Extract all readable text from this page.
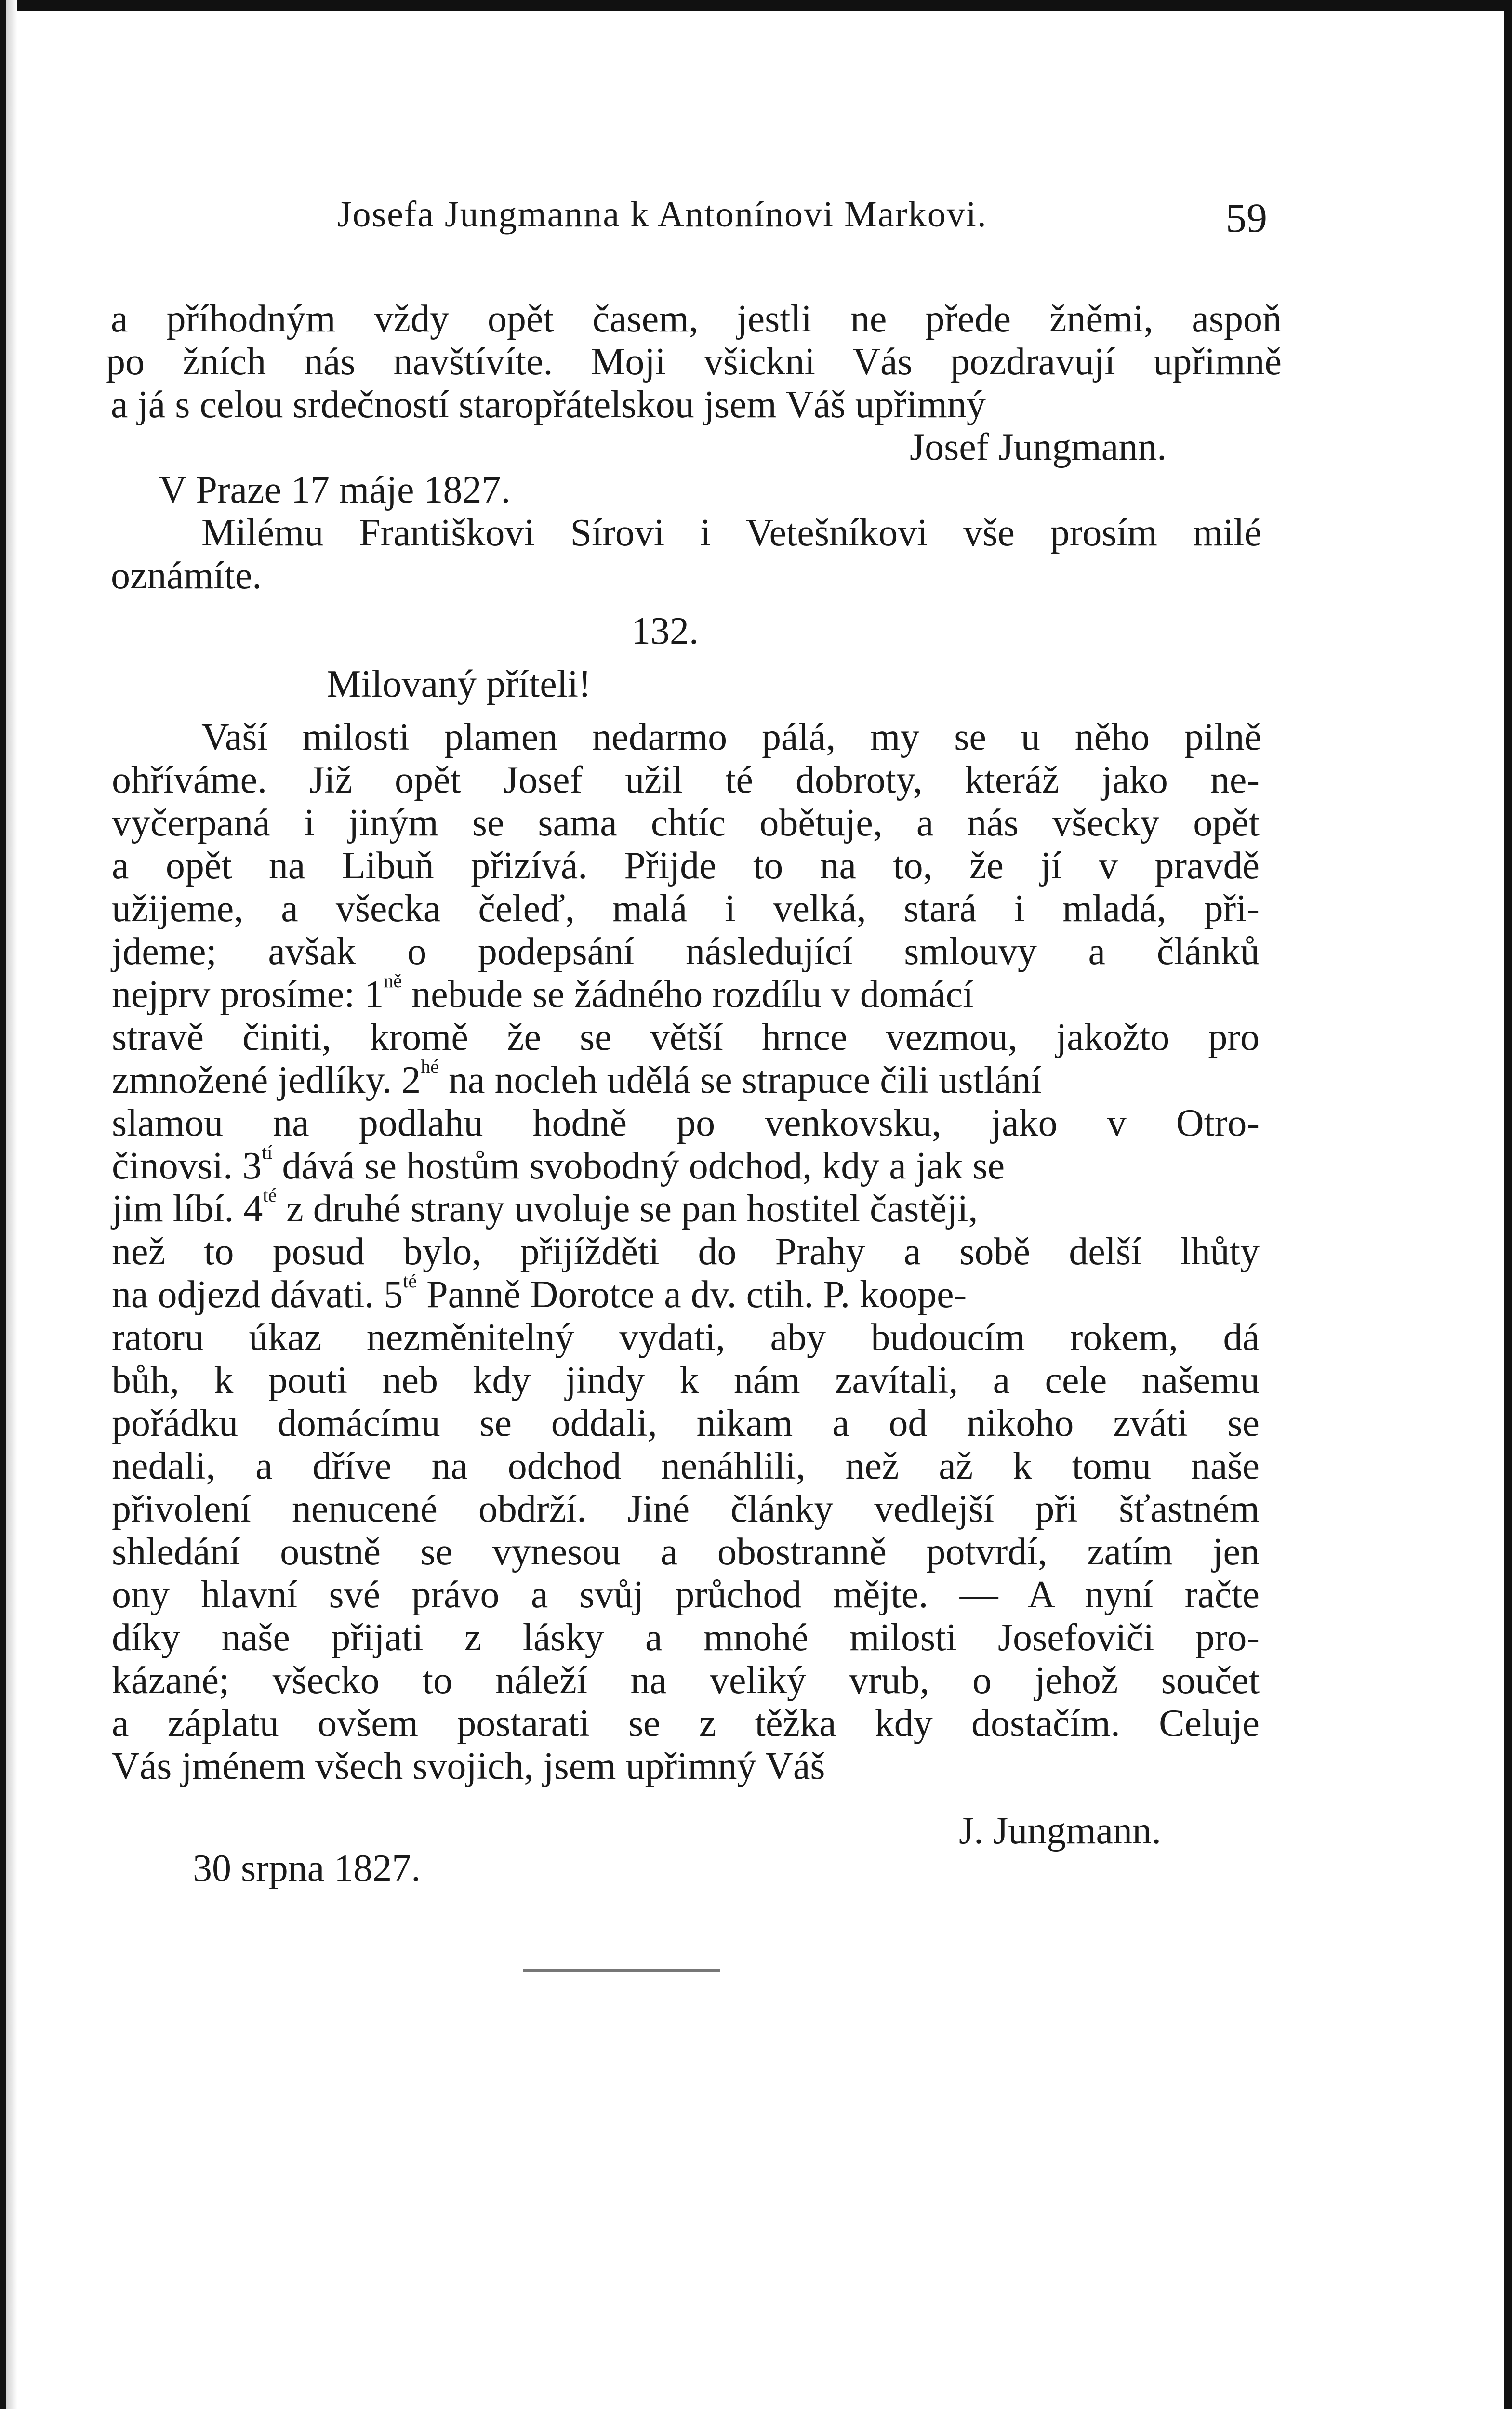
Josefa Jungmanna k Antonínovi Markovi.	59
a příhodným vždy opět časem, jestli ne přede žněmi, aspoň
po žních nás navštívíte. Moji všickni Vás pozdravují upřimně
a já s celou srdečností staropřátelskou jsem Váš upřimný
Josef Jungmann.
V Praze 17 máje 1827.
Milému Františkovi Sírovi i Vetešníkovi vše prosím milé
oznámíte.
132.
Milovaný příteli!
Vaší milosti plamen nedarmo pálá, my se u něho pilně
ohříváme. Již opět Josef užil té dobroty, kteráž jako ne-
vyčerpaná i jiným se sama chtíc obětuje, a nás všecky opět
a opět na Libuň přizívá. Přijde to na to, že jí v pravdě
užijeme, a všecka čeleď, malá i velká, stará i mladá, při-
jdeme; avšak o podepsání následující smlouvy a článků
nejprv prosíme: $1^{ně}$ nebude se žádného rozdílu v domácí
stravě činiti, kromě že se větší hrnce vezmou, jakožto pro
zmnožené jedlíky. $2^{hé}$ na nocleh udělá se strapuce čili ustlání
slamou na podlahu hodně po venkovsku, jako v Otro-
činovsi. $3^{tí}$ dává se hostům svobodný odchod, kdy a jak se
jim líbí. $4^{té}$ z druhé strany uvoluje se pan hostitel častěji,
než to posud bylo, přijížděti do Prahy a sobě delší lhůty
na odjezd dávati. $5^{té}$ Panně Dorotce a dv. ctih. P. koope-
ratoru úkaz nezměnitelný vydati, aby budoucím rokem, dá
bůh, k pouti neb kdy jindy k nám zavítali, a cele našemu
pořádku domácímu se oddali, nikam a od nikoho zváti se
nedali, a dříve na odchod nenáhlili, než až k tomu naše
přivolení nenucené obdrží. Jiné články vedlejší při šťastném
shledání oustně se vynesou a obostranně potvrdí, zatím jen
ony hlavní své právo a svůj průchod mějte. — A nyní račte
díky naše přijati z lásky a mnohé milosti Josefoviči pro-
kázané; všecko to náleží na veliký vrub, o jehož součet
a záplatu ovšem postarati se z těžka kdy dostačím. Celuje
Vás jménem všech svojich, jsem upřimný Váš
J. Jungmann.
30 srpna 1827.
